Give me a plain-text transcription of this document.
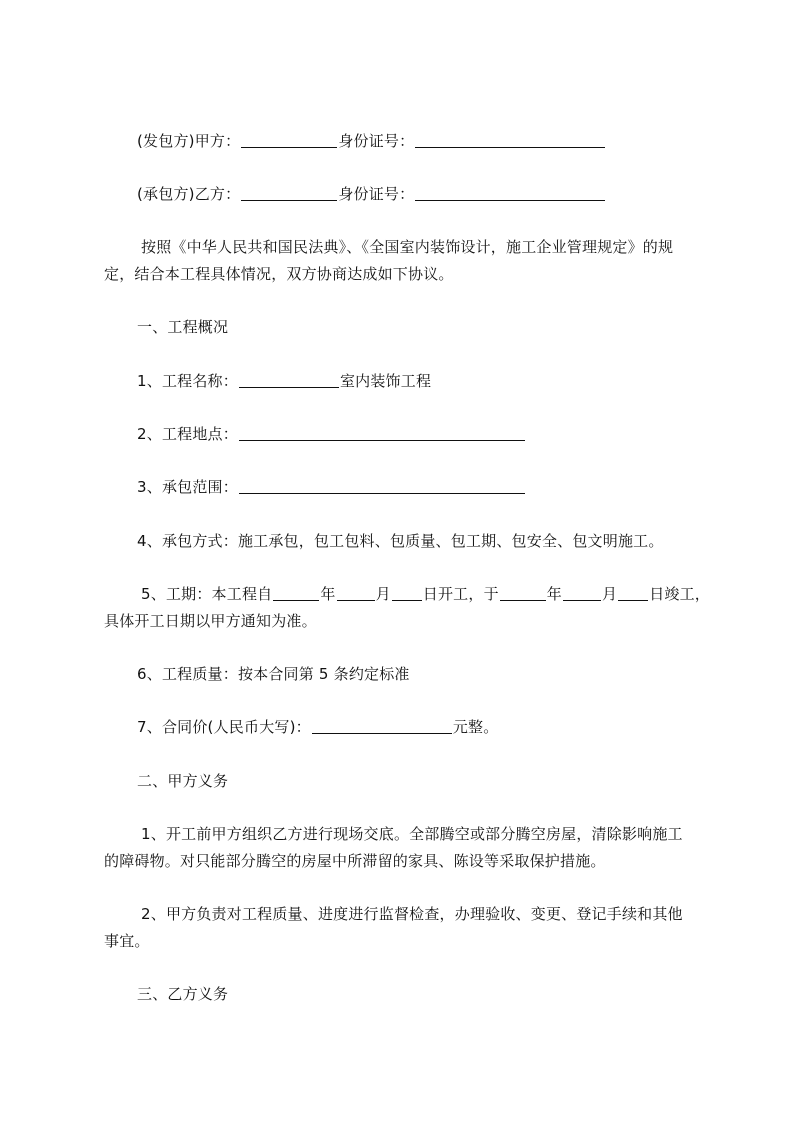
(发包方)甲方：	身份证号：
(承包方)乙方：	身份证号：
按照《中华人民共和国民法典》、《全国室内装饰设计，施工企业管理规定》的规
定，结合本工程具体情况，双方协商达成如下协议。
一、工程概况
1、工程名称：	室内装饰工程
2、工程地点：
3、承包范围：
4、承包方式：施工承包，包工包料、包质量、包工期、包安全、包文明施工。
5、工期：本工程自	年	月 日开工，于	年	月 日竣工，
具体开工日期以甲方通知为准。
6、工程质量：按本合同第 5 条约定标准
7、合同价(人民币大写)：	元整。
二、甲方义务
1、开工前甲方组织乙方进行现场交底。全部腾空或部分腾空房屋，清除影响施工
的障碍物。对只能部分腾空的房屋中所滞留的家具、陈设等采取保护措施。
2、甲方负责对工程质量、进度进行监督检查，办理验收、变更、登记手续和其他
事宜。
三、乙方义务
